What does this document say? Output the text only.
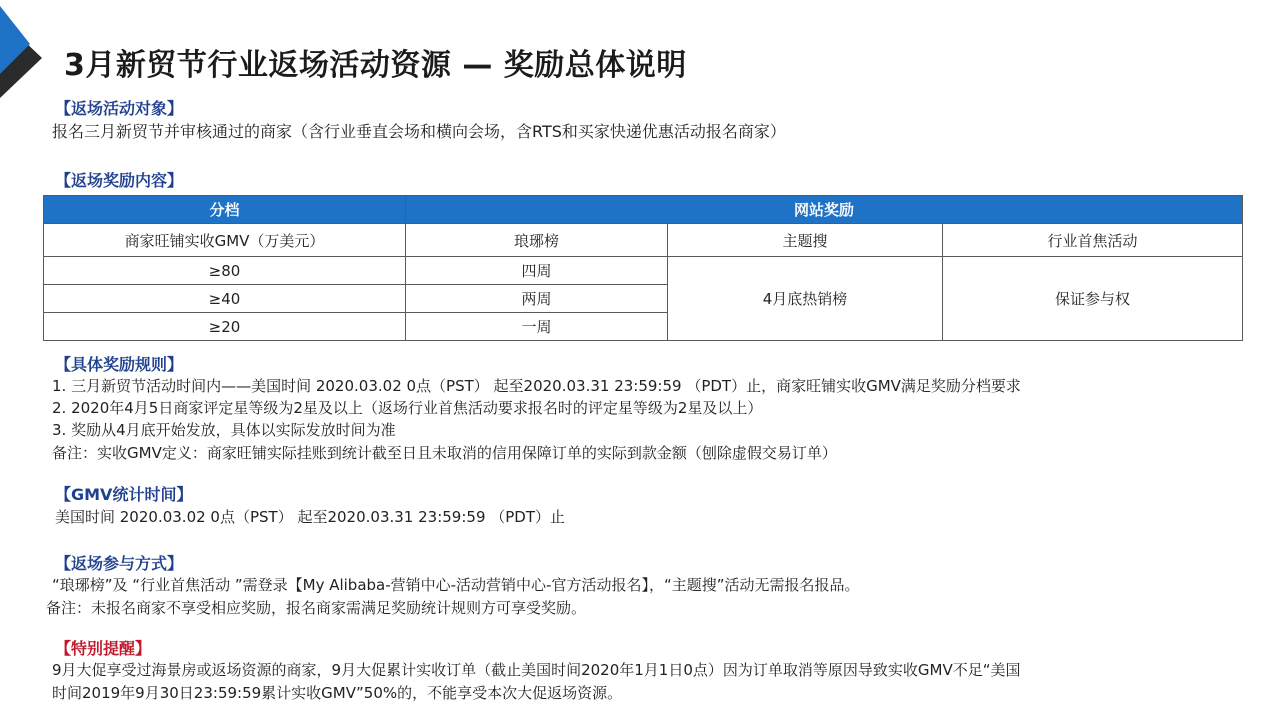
3月新贸节行业返场活动资源 — 奖励总体说明
【返场活动对象】
报名三月新贸节并审核通过的商家（含行业垂直会场和横向会场，含RTS和买家快递优惠活动报名商家）
【返场奖励内容】
分档	网站奖励		
商家旺铺实收GMV（万美元）	琅琊榜	主题搜	行业首焦活动
≥80	四周	4月底热销榜	保证参与权
≥40	两周		
≥20	一周		
【具体奖励规则】
1. 三月新贸节活动时间内——美国时间 2020.03.02 0点（PST） 起至2020.03.31 23:59:59 （PDT）止，商家旺铺实收GMV满足奖励分档要求
2. 2020年4月5日商家评定星等级为2星及以上（返场行业首焦活动要求报名时的评定星等级为2星及以上）
3. 奖励从4月底开始发放，具体以实际发放时间为准
备注：实收GMV定义：商家旺铺实际挂账到统计截至日且未取消的信用保障订单的实际到款金额（刨除虚假交易订单）
【GMV统计时间】
美国时间 2020.03.02 0点（PST） 起至2020.03.31 23:59:59 （PDT）止
【返场参与方式】
“琅琊榜”及 “行业首焦活动 ”需登录【My Alibaba-营销中心-活动营销中心-官方活动报名】，“主题搜”活动无需报名报品。
备注：未报名商家不享受相应奖励，报名商家需满足奖励统计规则方可享受奖励。
【特别提醒】
9月大促享受过海景房或返场资源的商家，9月大促累计实收订单（截止美国时间2020年1月1日0点）因为订单取消等原因导致实收GMV不足“美国
时间2019年9月30日23:59:59累计实收GMV”50%的，不能享受本次大促返场资源。
